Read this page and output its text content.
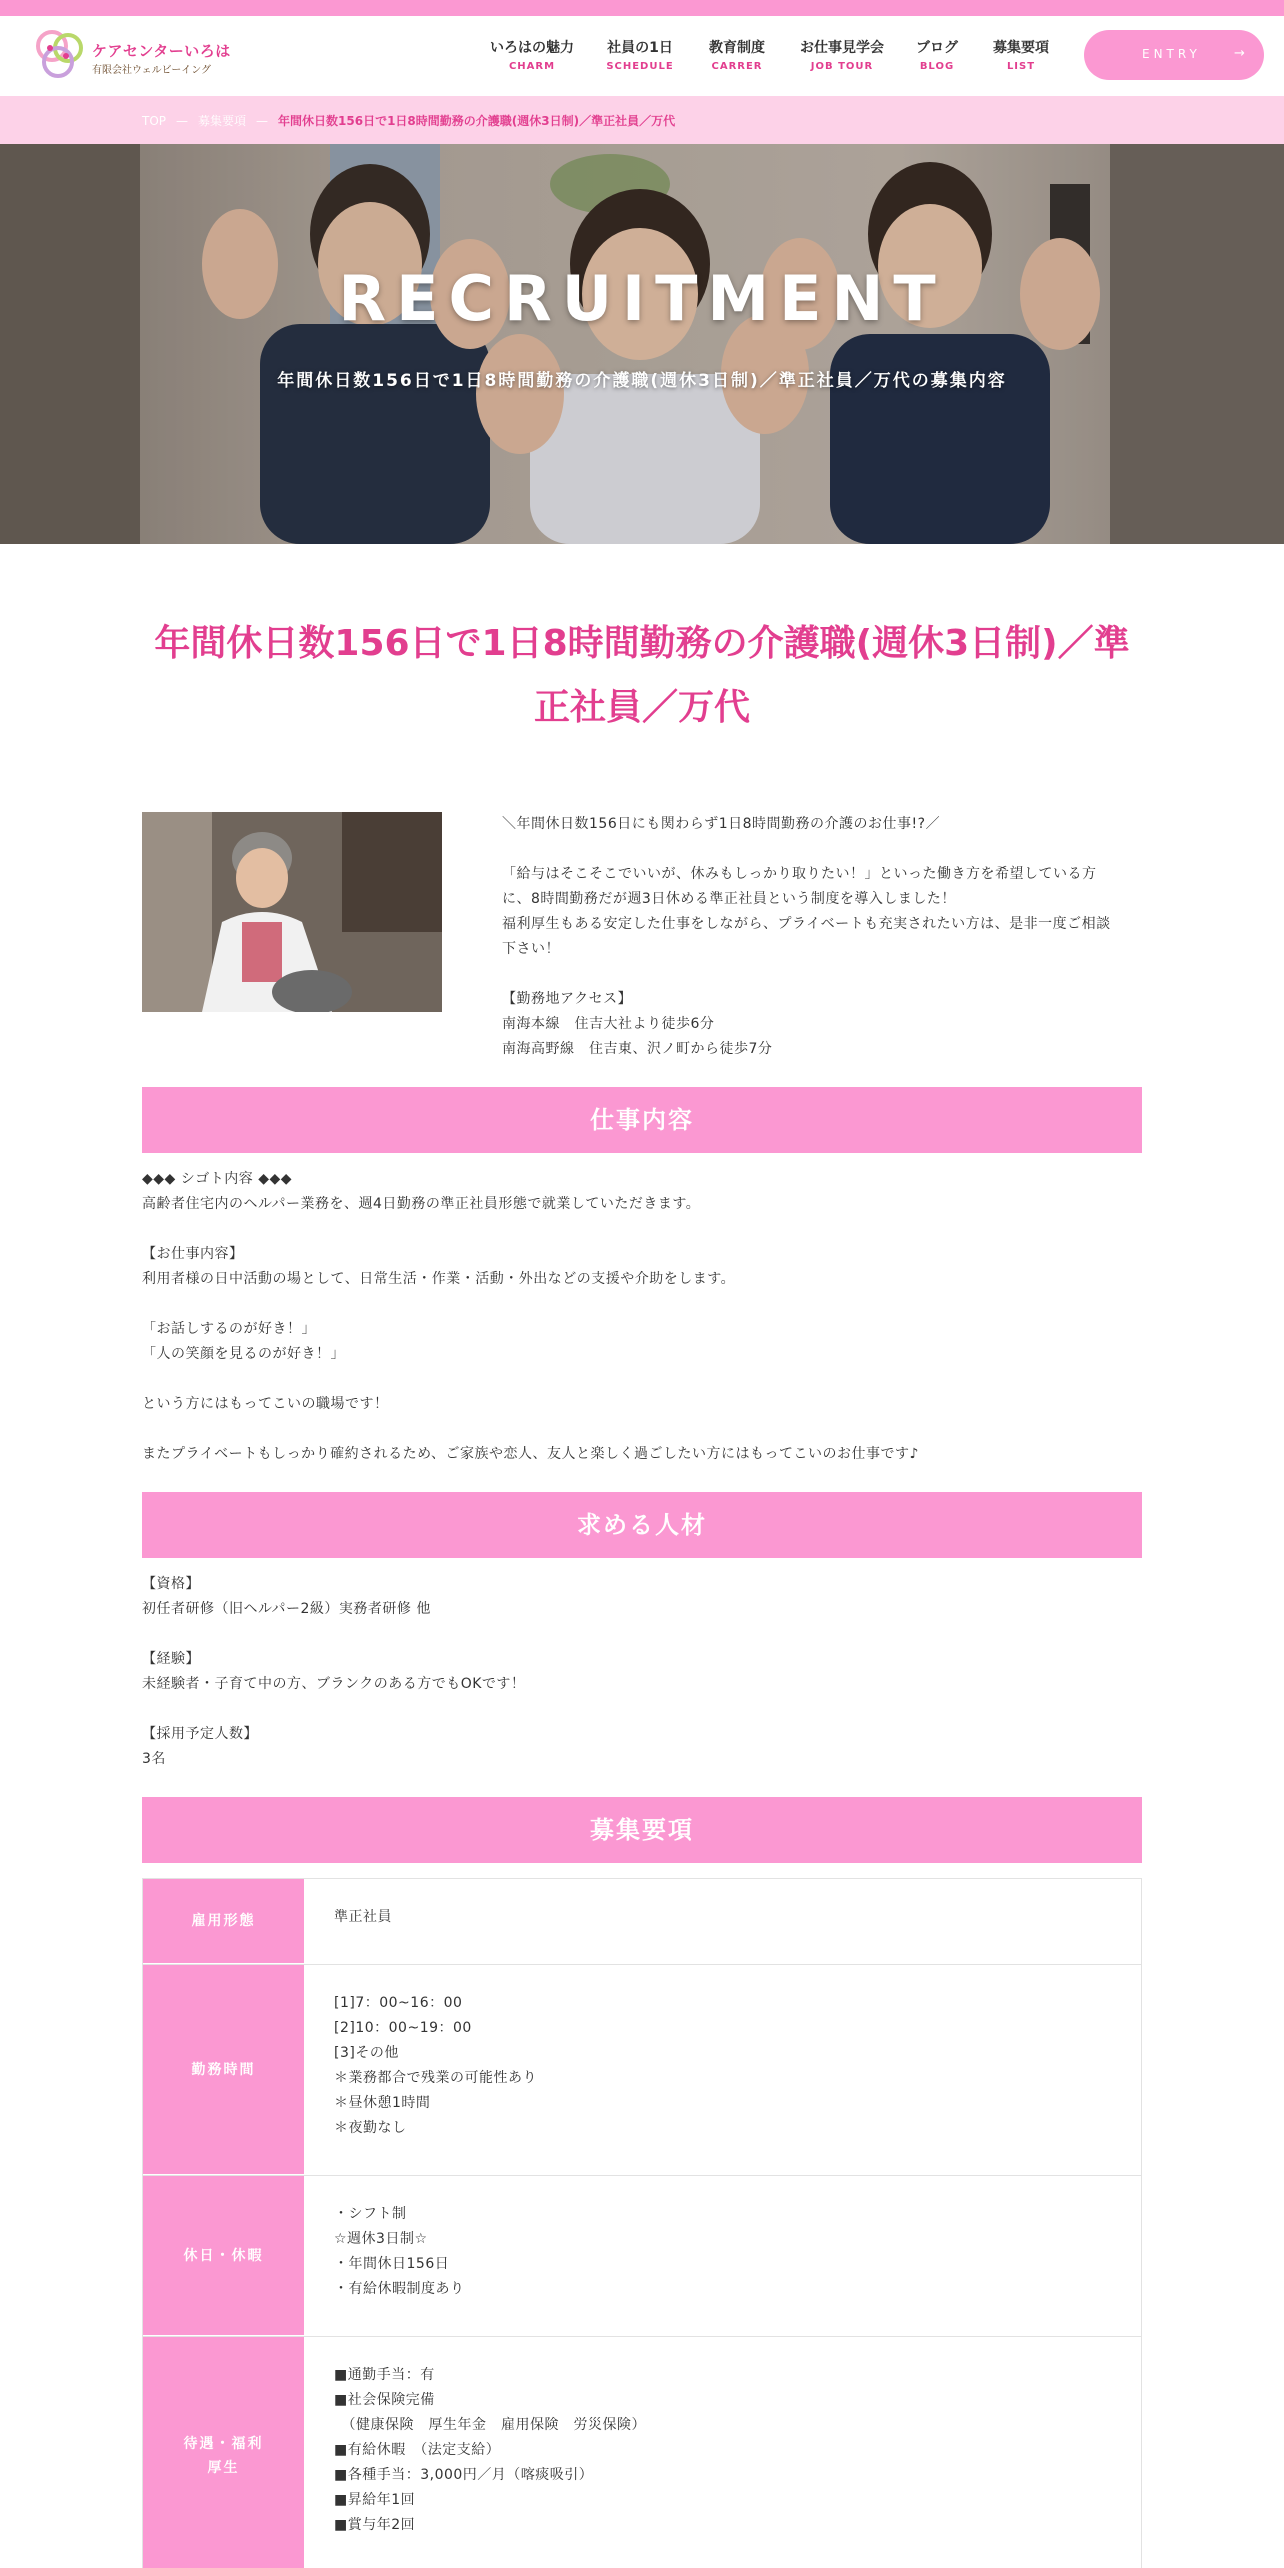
ケアセンターいろは
有限会社ウェルビーイング
いろはの魅力
CHARM
社員の1日
SCHEDULE
教育制度
CARRER
お仕事見学会
JOB TOUR
ブログ
BLOG
募集要項
LIST
ENTRY	→
TOP — 募集要項 — 年間休日数156日で1日8時間勤務の介護職(週休3日制)／準正社員／万代
RECRUITMENT
年間休日数156日で1日8時間勤務の介護職(週休3日制)／準正社員／万代の募集内容
年間休日数156日で1日8時間勤務の介護職(週休3日制)／準正社員／万代

＼年間休日数156日にも関わらず1日8時間勤務の介護のお仕事!?／

「給与はそこそこでいいが、休みもしっかり取りたい！」といった働き方を希望している方

に、8時間勤務だが週3日休める準正社員という制度を導入しました！

福利厚生もある安定した仕事をしながら、プライベートも充実されたい方は、是非一度ご相談

下さい！

【勤務地アクセス】

南海本線　住吉大社より徒歩6分

南海高野線　住吉東、沢ノ町から徒歩7分

仕事内容

◆◆◆ シゴト内容 ◆◆◆

高齢者住宅内のヘルパー業務を、週4日勤務の準正社員形態で就業していただきます。

【お仕事内容】

利用者様の日中活動の場として、日常生活・作業・活動・外出などの支援や介助をします。

「お話しするのが好き！」

「人の笑顔を見るのが好き！」

という方にはもってこいの職場です！

またプライベートもしっかり確約されるため、ご家族や恋人、友人と楽しく過ごしたい方にはもってこいのお仕事です♪

求める人材

【資格】

初任者研修（旧ヘルパー2級）実務者研修 他

【経験】

未経験者・子育て中の方、ブランクのある方でもOKです！

【採用予定人数】

3名

募集要項
雇用形態	準正社員

勤務時間

[1]7：00~16：00

[2]10：00~19：00

[3]その他

＊業務都合で残業の可能性あり

＊昼休憩1時間

＊夜勤なし

休日・休暇

・シフト制

☆週休3日制☆

・年間休日156日

・有給休暇制度あり

待遇・福利
厚生

■通勤手当：有

■社会保険完備

　（健康保険　厚生年金　雇用保険　労災保険）

■有給休暇　（法定支給）

■各種手当：3,000円／月（喀痰吸引）

■昇給年1回

■賞与年2回
